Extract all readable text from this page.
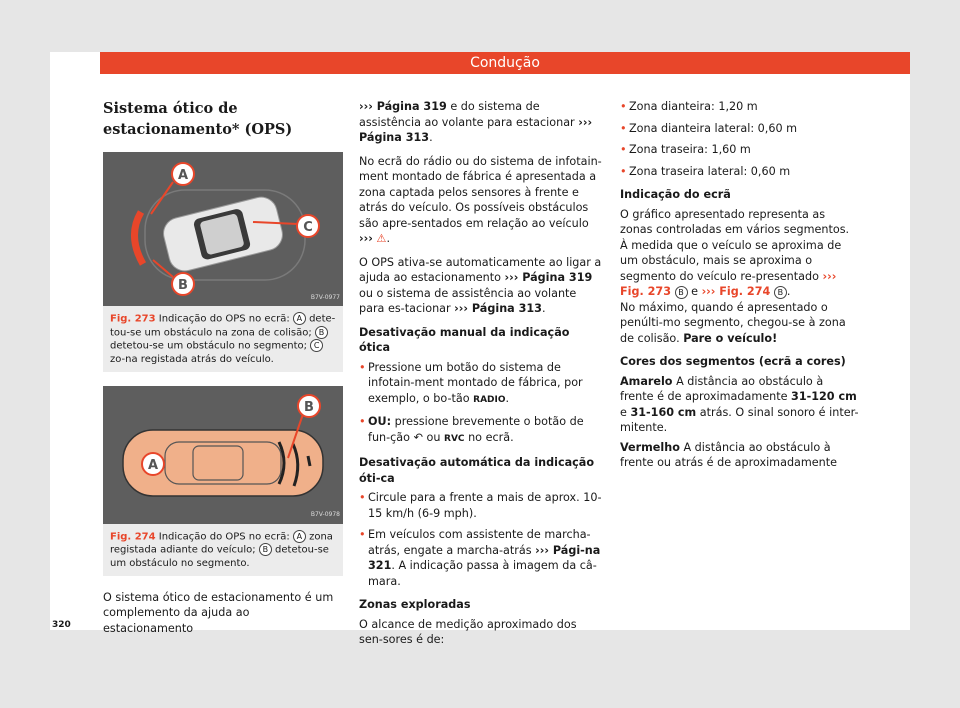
Condução
Sistema ótico de estacionamento* (OPS)
A
C
B
B7V-0977

Fig. 273 Indicação do OPS no ecrã: A dete-tou-se um obstáculo na zona de colisão; B detetou-se um obstáculo no segmento; C zo-na registada atrás do veículo.

B
A
B7V-0978

Fig. 274 Indicação do OPS no ecrã: A zona registada adiante do veículo; B detetou-se um obstáculo no segmento.

O sistema ótico de estacionamento é um complemento da ajuda ao estacionamento

››› Página 319 e do sistema de assistência ao volante para estacionar ››› Página 313.

No ecrã do rádio ou do sistema de infotain-ment montado de fábrica é apresentada a zona captada pelos sensores à frente e atrás do veículo. Os possíveis obstáculos são apre-sentados em relação ao veículo ››› ⚠.

O OPS ativa-se automaticamente ao ligar a ajuda ao estacionamento ››› Página 319 ou o sistema de assistência ao volante para es-tacionar ››› Página 313.

Desativação manual da indicação ótica
• Pressione um botão do sistema de infotain-ment montado de fábrica, por exemplo, o bo-tão RADIO.
• OU: pressione brevemente o botão de fun-ção ↶ ou RVC no ecrã.
Desativação automática da indicação óti-ca
• Circule para a frente a mais de aprox. 10-15 km/h (6-9 mph).
• Em veículos com assistente de marcha-atrás, engate a marcha-atrás ››› Pági-na 321. A indicação passa à imagem da câ-mara.
Zonas exploradas

O alcance de medição aproximado dos sen-sores é de:

• Zona dianteira: 1,20 m
• Zona dianteira lateral: 0,60 m
• Zona traseira: 1,60 m
• Zona traseira lateral: 0,60 m
Indicação do ecrã

O gráfico apresentado representa as zonas controladas em vários segmentos. À medida que o veículo se aproxima de um obstáculo, mais se aproxima o segmento do veículo re-presentado ››› Fig. 273 B e ››› Fig. 274 B .

No máximo, quando é apresentado o penúlti-mo segmento, chegou-se à zona de colisão. Pare o veículo!

Cores dos segmentos (ecrã a cores)
Amarelo A distância ao obstáculo à frente é de aproximadamente 31-120 cm e 31-160 cm atrás. O sinal sonoro é inter-mitente.
Vermelho A distância ao obstáculo à frente ou atrás é de aproximadamente
320
